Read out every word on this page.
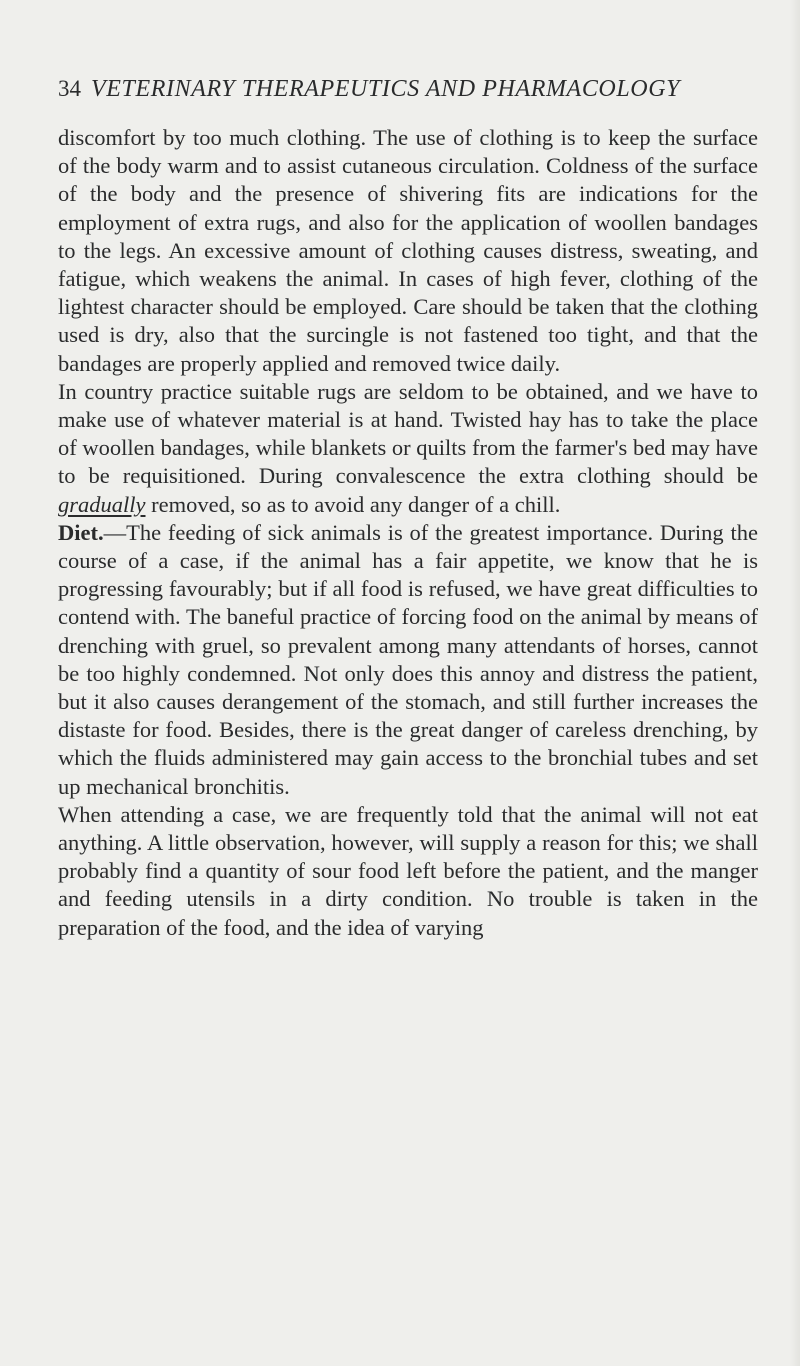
34 VETERINARY THERAPEUTICS AND PHARMACOLOGY

discomfort by too much clothing. The use of clothing is to keep the surface of the body warm and to assist cutaneous circulation. Coldness of the surface of the body and the presence of shivering fits are indications for the employment of extra rugs, and also for the application of woollen bandages to the legs. An excessive amount of clothing causes distress, sweating, and fatigue, which weakens the animal. In cases of high fever, clothing of the lightest character should be employed. Care should be taken that the clothing used is dry, also that the surcingle is not fastened too tight, and that the bandages are properly applied and removed twice daily.

In country practice suitable rugs are seldom to be obtained, and we have to make use of whatever material is at hand. Twisted hay has to take the place of woollen bandages, while blankets or quilts from the farmer's bed may have to be requisitioned. During convalescence the extra clothing should be gradually removed, so as to avoid any danger of a chill.

Diet.—The feeding of sick animals is of the greatest importance. During the course of a case, if the animal has a fair appetite, we know that he is progressing favourably; but if all food is refused, we have great difficulties to contend with. The baneful practice of forcing food on the animal by means of drenching with gruel, so prevalent among many attendants of horses, cannot be too highly condemned. Not only does this annoy and distress the patient, but it also causes derangement of the stomach, and still further increases the distaste for food. Besides, there is the great danger of careless drenching, by which the fluids administered may gain access to the bronchial tubes and set up mechanical bronchitis.

When attending a case, we are frequently told that the animal will not eat anything. A little observation, however, will supply a reason for this; we shall probably find a quantity of sour food left before the patient, and the manger and feeding utensils in a dirty condition. No trouble is taken in the preparation of the food, and the idea of varying
